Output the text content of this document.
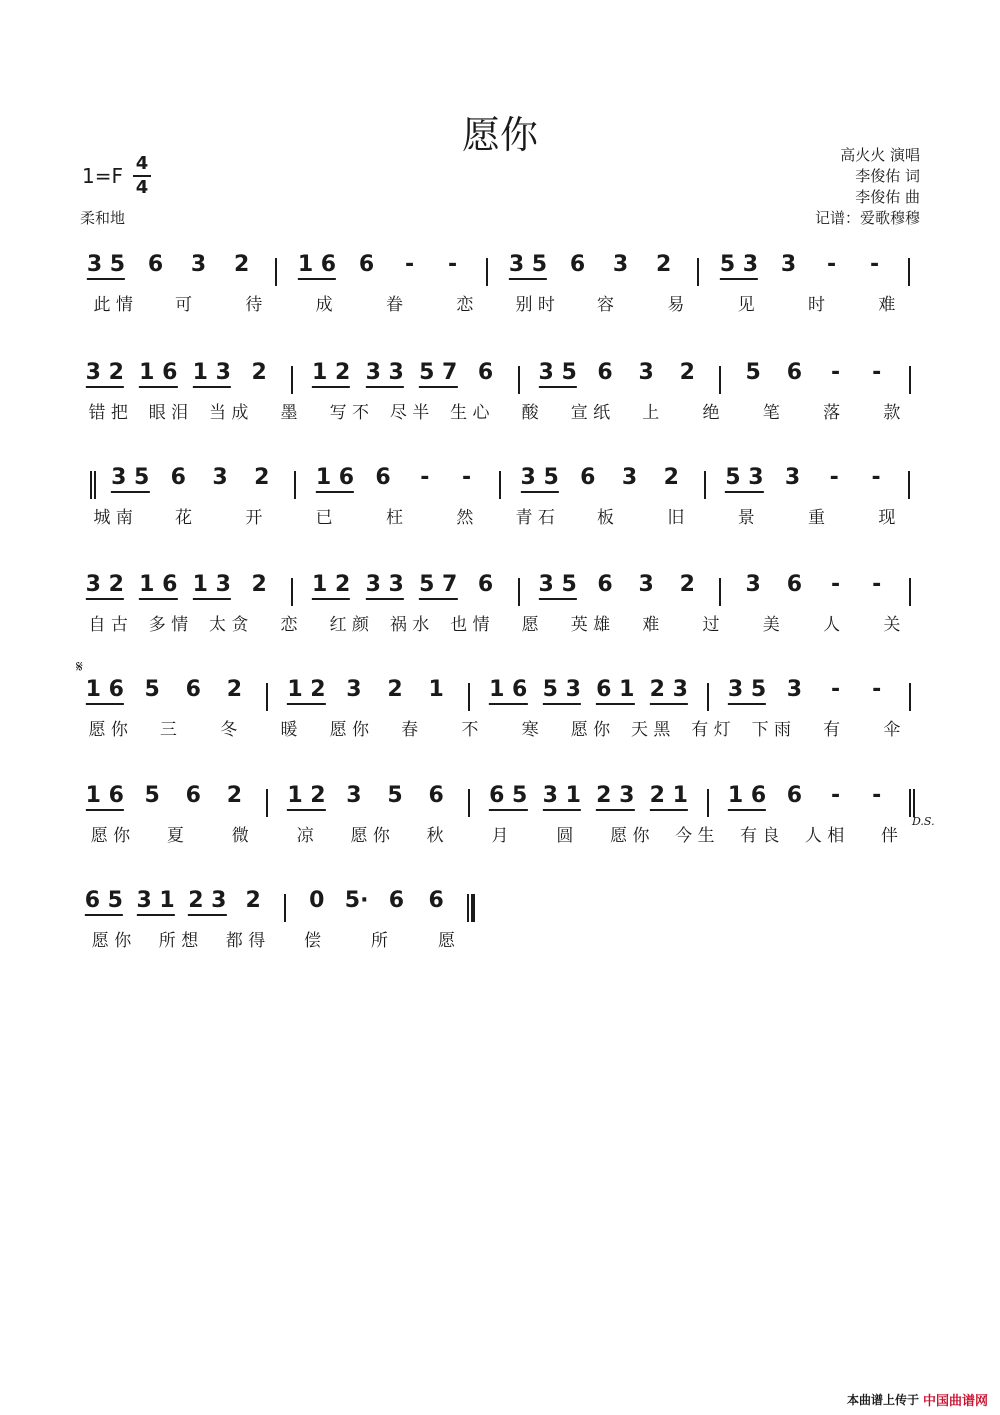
愿你
1=F
4
4
柔和地
高火火 演唱
李俊佑 词
李俊佑 曲
记谱：爱歌穆穆
3 5 6 3 2 1 6 6 - - 3 5 6 3 2 5 3 3 - -
此 情 可	待	成	眷	恋 别 时 容	易	见	时	难
3 2 1 6 1 3 2 1 2 3 3 5 7 6 3 5 6 3 2 5 6 - -
错 把 眼 泪 当 成 墨 写 不 尽 半 生 心 酸 宣 纸 上	绝	笔	落	款
3 5 6 3 2 1 6 6 - - 3 5 6 3 2 5 3 3 - -
城 南 花	开	已	枉	然 青 石 板	旧	景	重	现
3 2 1 6 1 3 2 1 2 3 3 5 7 6 3 5 6 3 2 3 6 - -
自 古 多 情 太 贪 恋 红 颜 祸 水 也 情 愿 英 雄 难	过	美	人	关
1 6 5 6 2 1 2 3 2 1 1 6 5 3 6 1 2 3 3 5 3 - -
愿 你 三	冬	暖 愿 你 春	不	寒 愿 你 天 黑 有 灯 下 雨 有	伞
1 6 5 6 2 1 2 3 5 6 6 5 3 1 2 3 2 1 1 6 6 - -
愿 你 夏	微	凉 愿 你 秋	月	圆 愿 你 今 生 有 良 人 相 伴
6 5 3 1 2 3 2 0 5· 6 6
愿 你 所 想 都 得 偿	所	愿
D.S.
𝄋
本曲谱上传于 中国曲谱网
